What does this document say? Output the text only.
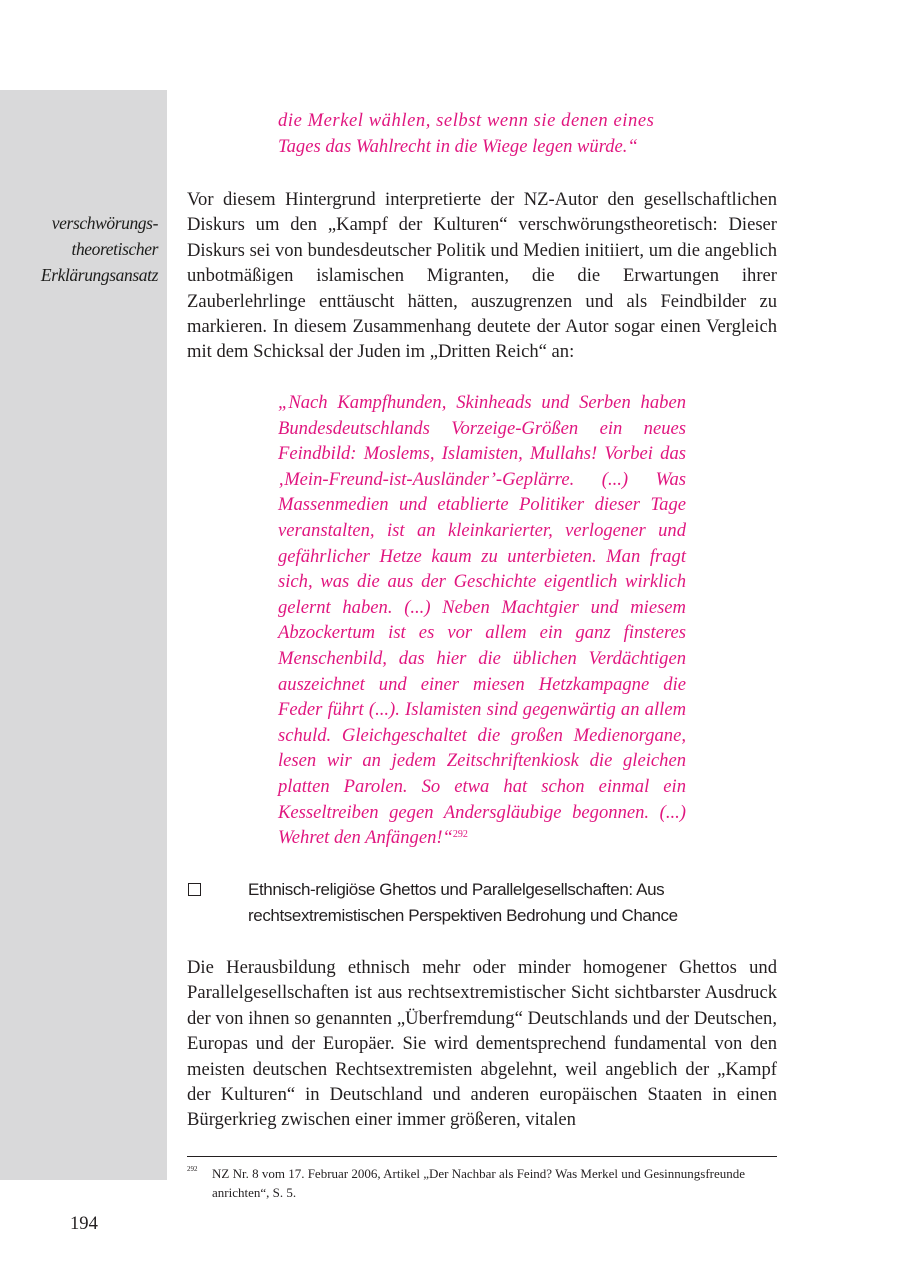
verschwörungs-
theoretischer
Erklärungsansatz
die Merkel wählen, selbst wenn sie denen eines
Tages das Wahlrecht in die Wiege legen würde.“

Vor diesem Hintergrund interpretierte der NZ-Autor den gesellschaftlichen Diskurs um den „Kampf der Kulturen“ verschwörungstheoretisch: Dieser Diskurs sei von bundesdeutscher Politik und Medien initiiert, um die angeblich unbotmäßigen islamischen Migranten, die die Erwartungen ihrer Zauberlehrlinge enttäuscht hätten, auszugrenzen und als Feindbilder zu markieren. In diesem Zusammenhang deutete der Autor sogar einen Vergleich mit dem Schicksal der Juden im „Dritten Reich“ an:

„Nach Kampfhunden, Skinheads und Serben haben Bundesdeutschlands Vorzeige-Größen ein neues Feindbild: Moslems, Islamisten, Mullahs! Vorbei das ‚Mein-Freund-ist-Ausländer’-Geplärre. (...) Was Massenmedien und etablierte Politiker dieser Tage veranstalten, ist an kleinkarierter, verlogener und gefährlicher Hetze kaum zu unterbieten. Man fragt sich, was die aus der Geschichte eigentlich wirklich gelernt haben. (...) Neben Machtgier und miesem Abzockertum ist es vor allem ein ganz finsteres Menschenbild, das hier die üblichen Verdächtigen auszeichnet und einer miesen Hetzkampagne die Feder führt (...). Islamisten sind gegenwärtig an allem schuld. Gleichgeschaltet die großen Medienorgane, lesen wir an jedem Zeitschriftenkiosk die gleichen platten Parolen. So etwa hat schon einmal ein Kesseltreiben gegen Andersgläubige begonnen. (...) Wehret den Anfängen!“$^{292}$

Ethnisch-religiöse Ghettos und Parallelgesellschaften: Aus rechtsextremistischen Perspektiven Bedrohung und Chance

Die Herausbildung ethnisch mehr oder minder homogener Ghettos und Parallelgesellschaften ist aus rechtsextremistischer Sicht sichtbarster Ausdruck der von ihnen so genannten „Überfremdung“ Deutschlands und der Deutschen, Europas und der Europäer. Sie wird dementsprechend fundamental von den meisten deutschen Rechtsextremisten abgelehnt, weil angeblich der „Kampf der Kulturen“ in Deutschland und anderen europäischen Staaten in einen Bürgerkrieg zwischen einer immer größeren, vitalen

292 NZ Nr. 8 vom 17. Februar 2006, Artikel „Der Nachbar als Feind? Was Merkel und Gesinnungsfreunde anrichten“, S. 5.
194
